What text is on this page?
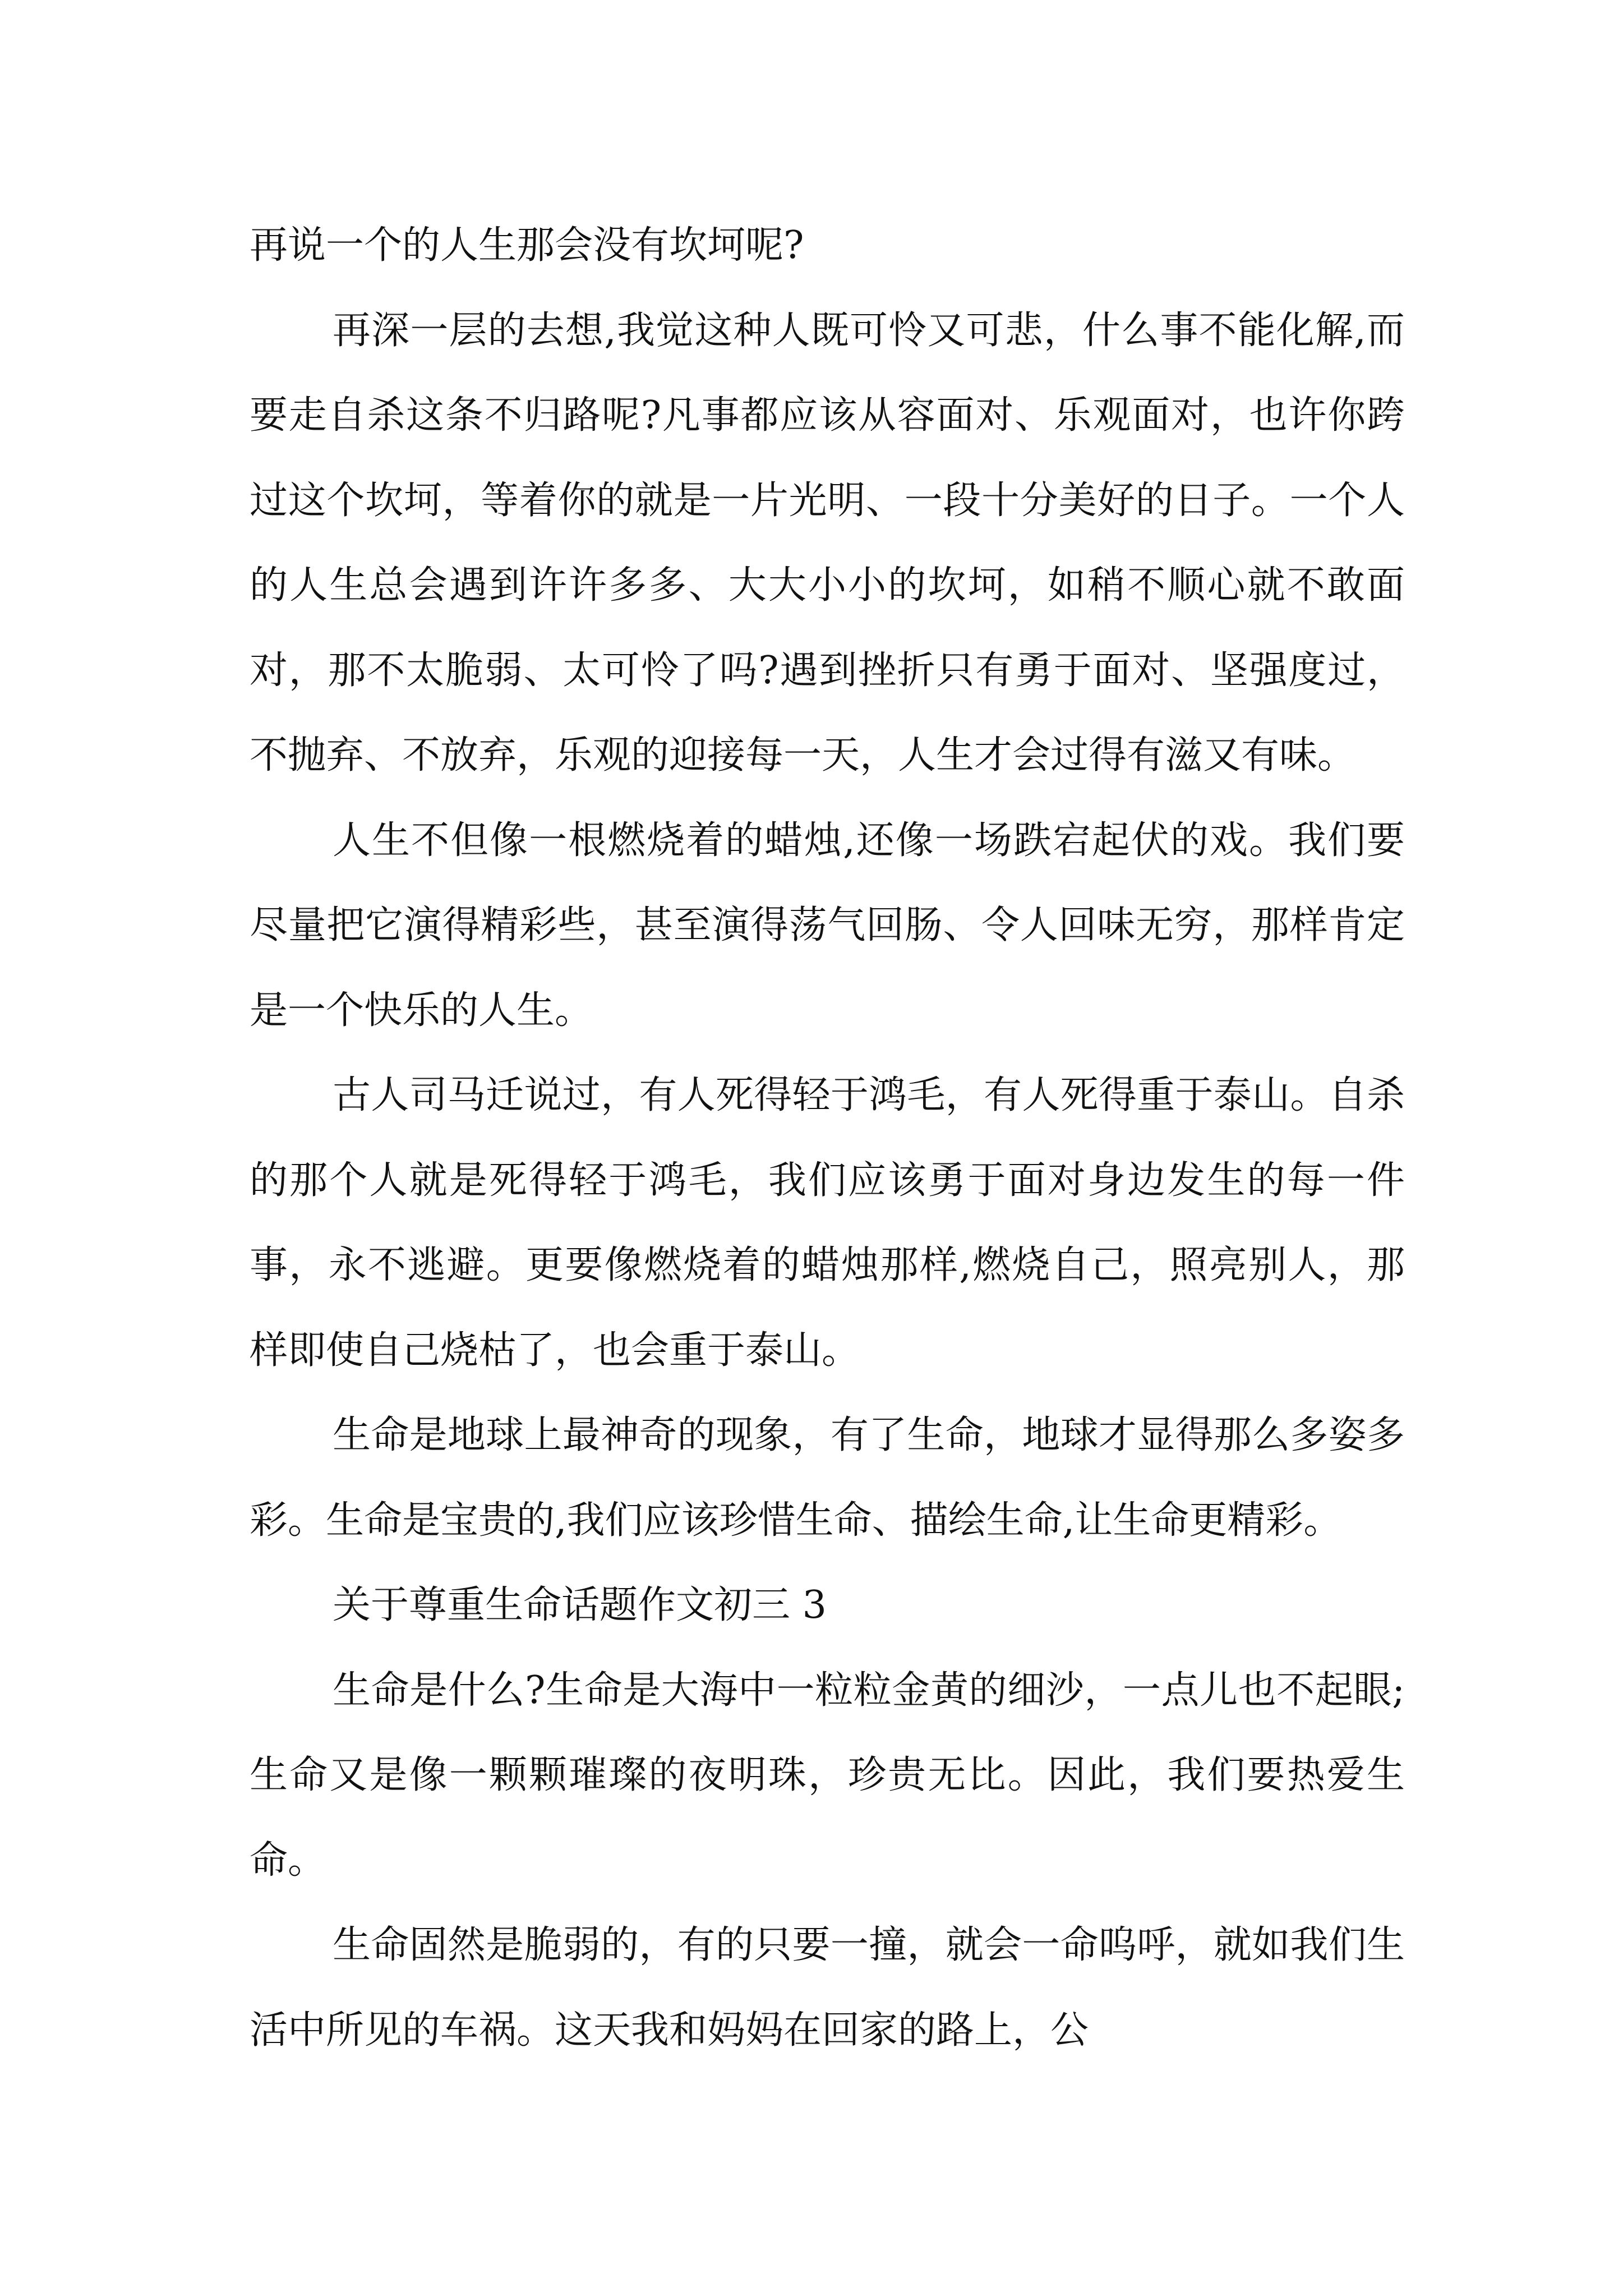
再说一个的人生那会没有坎坷呢?

再深一层的去想,我觉这种人既可怜又可悲，什么事不能化解,而要走自杀这条不归路呢?凡事都应该从容面对、乐观面对，也许你跨过这个坎坷，等着你的就是一片光明、一段十分美好的日子。一个人的人生总会遇到许许多多、大大小小的坎坷，如稍不顺心就不敢面对，那不太脆弱、太可怜了吗?遇到挫折只有勇于面对、坚强度过，不抛弃、不放弃，乐观的迎接每一天，人生才会过得有滋又有味。

人生不但像一根燃烧着的蜡烛,还像一场跌宕起伏的戏。我们要尽量把它演得精彩些，甚至演得荡气回肠、令人回味无穷，那样肯定是一个快乐的人生。

古人司马迁说过，有人死得轻于鸿毛，有人死得重于泰山。自杀的那个人就是死得轻于鸿毛，我们应该勇于面对身边发生的每一件事，永不逃避。更要像燃烧着的蜡烛那样,燃烧自己，照亮别人，那样即使自己烧枯了，也会重于泰山。

生命是地球上最神奇的现象，有了生命，地球才显得那么多姿多彩。生命是宝贵的,我们应该珍惜生命、描绘生命,让生命更精彩。

关于尊重生命话题作文初三 3

生命是什么?生命是大海中一粒粒金黄的细沙，一点儿也不起眼;生命又是像一颗颗璀璨的夜明珠，珍贵无比。因此，我们要热爱生命。

生命固然是脆弱的，有的只要一撞，就会一命呜呼，就如我们生活中所见的车祸。这天我和妈妈在回家的路上，公
